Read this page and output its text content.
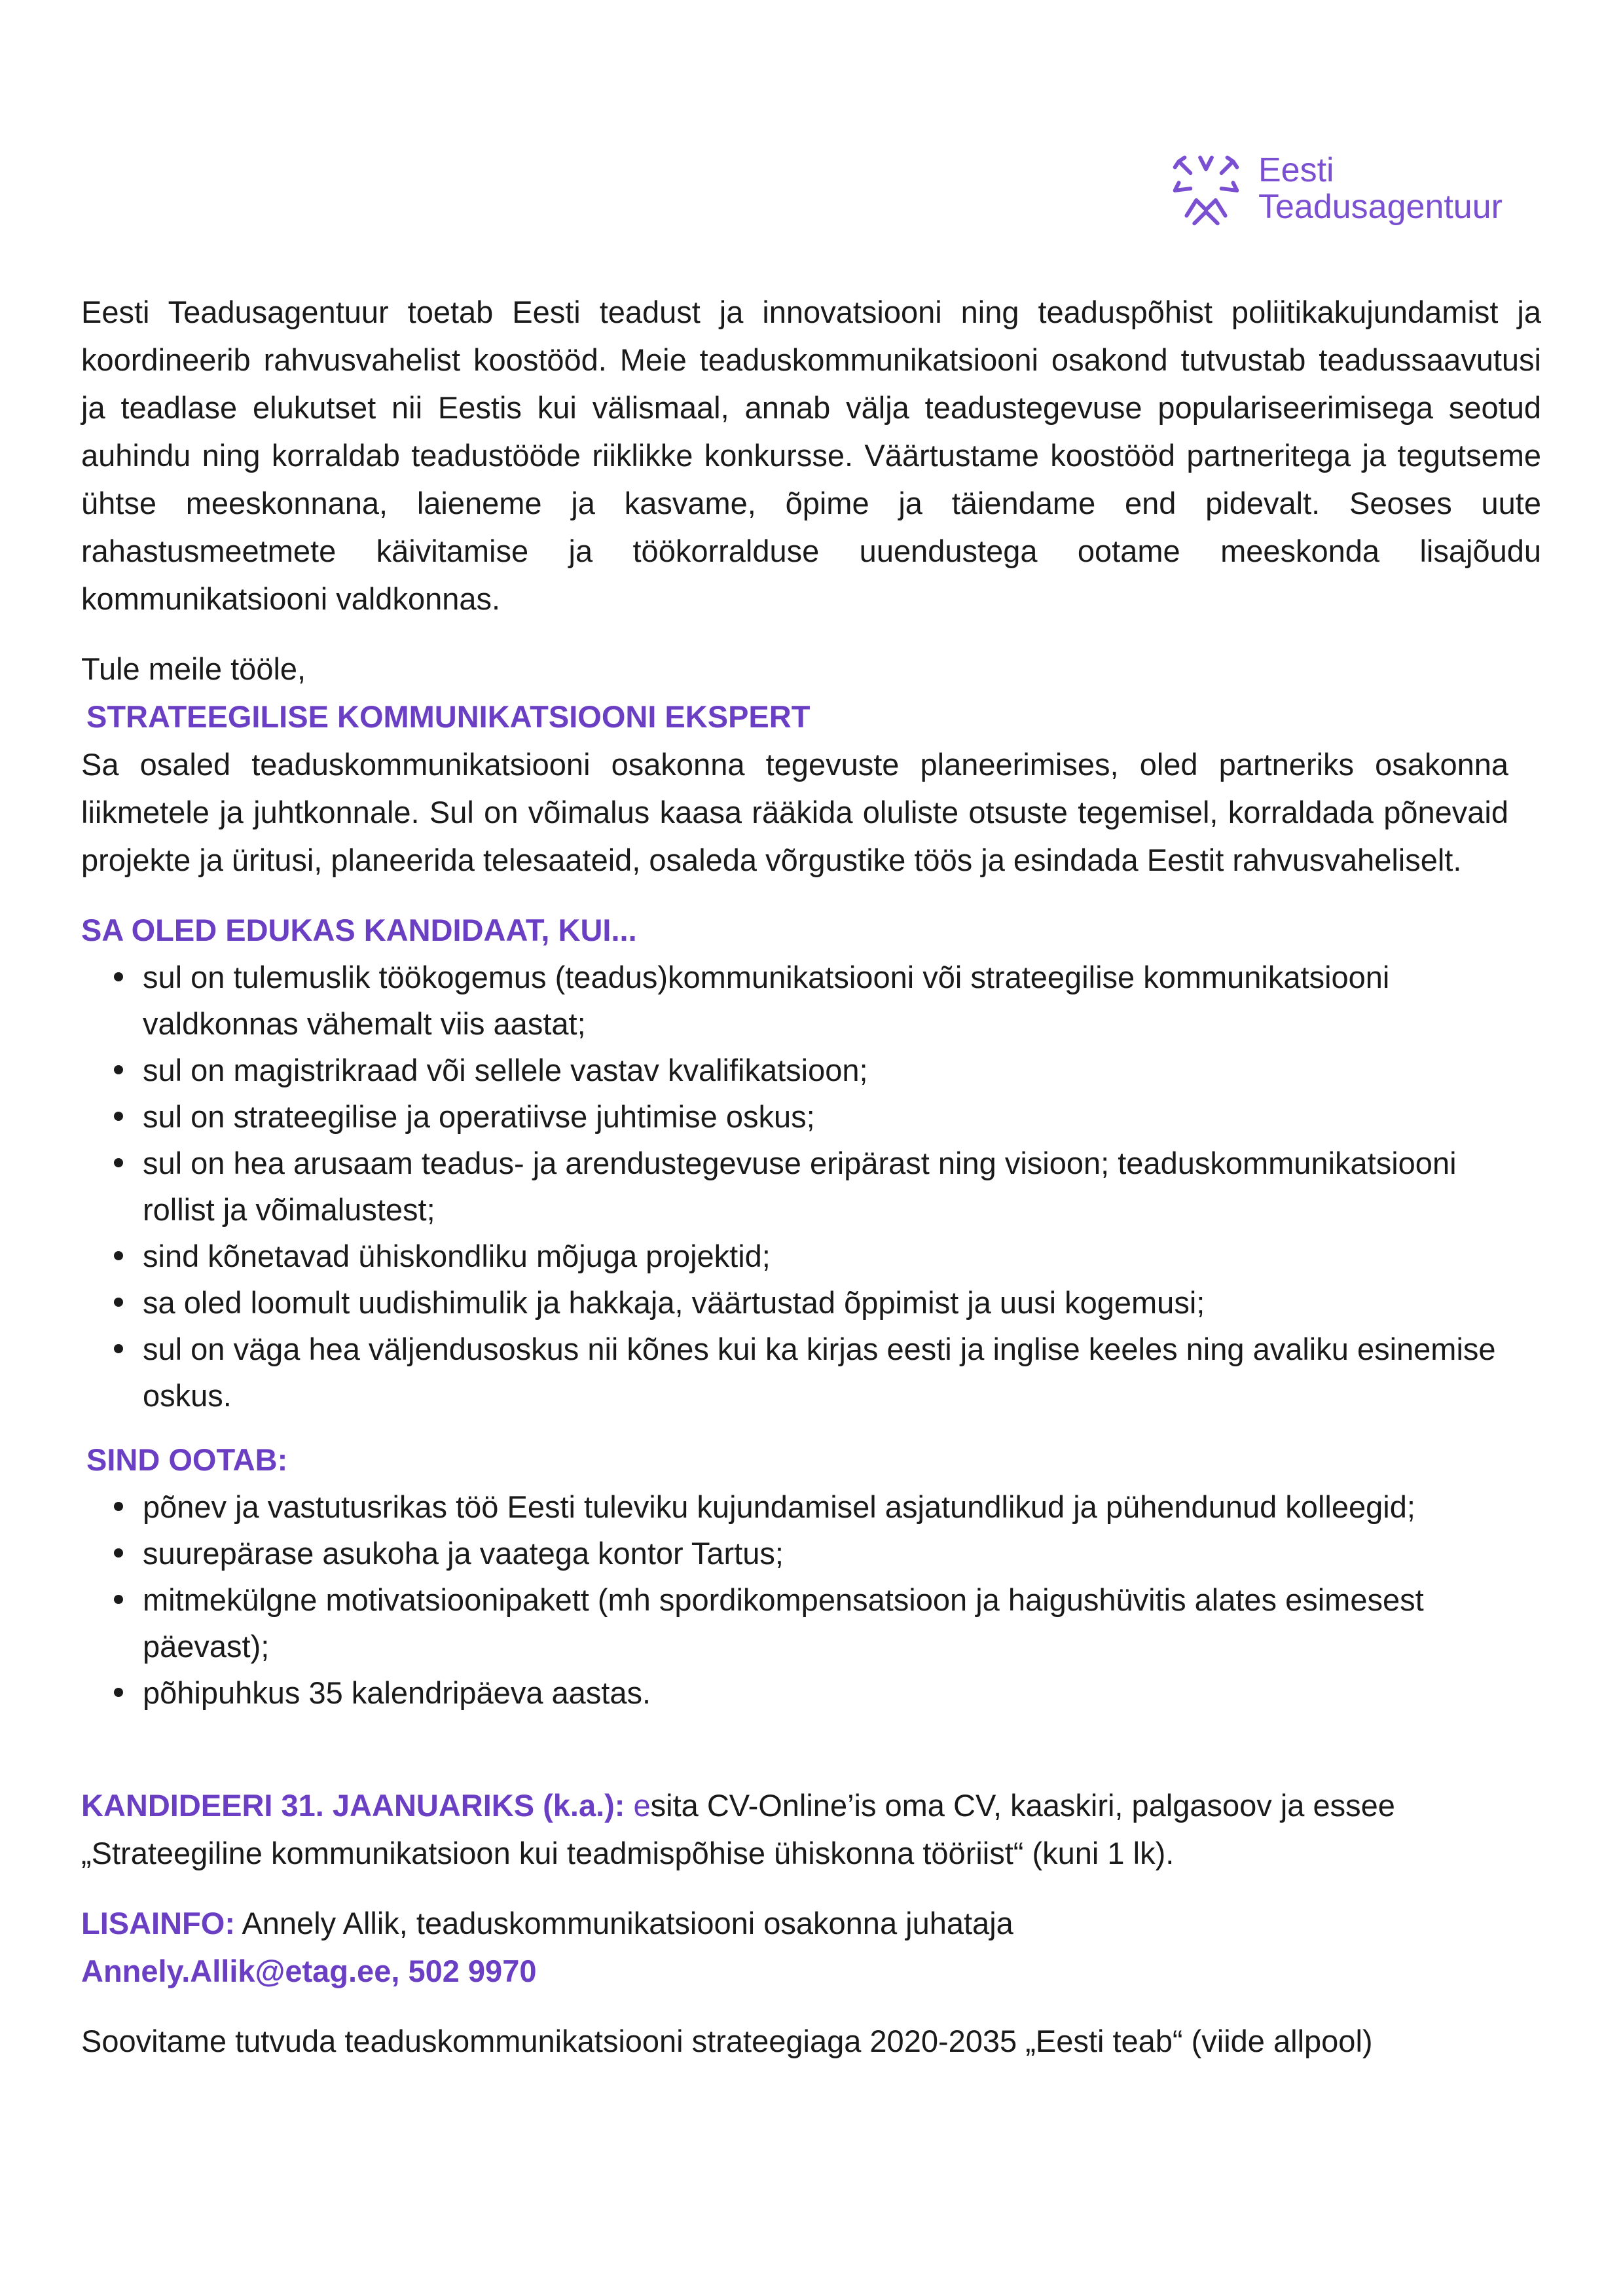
Eesti
Teadusagentuur

Eesti Teadusagentuur toetab Eesti teadust ja innovatsiooni ning teaduspõhist poliitikakujundamist ja koordineerib rahvusvahelist koostööd. Meie teaduskommunikatsiooni osakond tutvustab teadussaavutusi ja teadlase elukutset nii Eestis kui välismaal, annab välja teadustegevuse populariseerimisega seotud auhindu ning korraldab teadustööde riiklikke konkursse. Väärtustame koostööd partneritega ja tegutseme ühtse meeskonnana, laieneme ja kasvame, õpime ja täiendame end pidevalt. Seoses uute rahastusmeetmete käivitamise ja töökorralduse uuendustega ootame meeskonda lisajõudu kommunikatsiooni valdkonnas.

Tule meile tööle,

STRATEEGILISE KOMMUNIKATSIOONI EKSPERT

Sa osaled teaduskommunikatsiooni osakonna tegevuste planeerimises, oled partneriks osakonna liikmetele ja juhtkonnale. Sul on võimalus kaasa rääkida oluliste otsuste tegemisel, korraldada põnevaid projekte ja üritusi, planeerida telesaateid, osaleda võrgustike töös ja esindada Eestit rahvusvaheliselt.

SA OLED EDUKAS KANDIDAAT, KUI...

sul on tulemuslik töökogemus (teadus)kommunikatsiooni või strateegilise kommunikatsiooni valdkonnas vähemalt viis aastat;
sul on magistrikraad või sellele vastav kvalifikatsioon;
sul on strateegilise ja operatiivse juhtimise oskus;
sul on hea arusaam teadus- ja arendustegevuse eripärast ning visioon; teaduskommunikatsiooni rollist ja võimalustest;
sind kõnetavad ühiskondliku mõjuga projektid;
sa oled loomult uudishimulik ja hakkaja, väärtustad õppimist ja uusi kogemusi;
sul on väga hea väljendusoskus nii kõnes kui ka kirjas eesti ja inglise keeles ning avaliku esinemise oskus.

SIND OOTAB:

põnev ja vastutusrikas töö Eesti tuleviku kujundamisel asjatundlikud ja pühendunud kolleegid;
suurepärase asukoha ja vaatega kontor Tartus;
mitmekülgne motivatsioonipakett (mh spordikompensatsioon ja haigushüvitis alates esimesest päevast);
põhipuhkus 35 kalendripäeva aastas.

KANDIDEERI 31. JAANUARIKS (k.a.): esita CV-Online’is oma CV, kaaskiri, palgasoov ja essee „Strateegiline kommunikatsioon kui teadmispõhise ühiskonna tööriist“ (kuni 1 lk).

LISAINFO: Annely Allik, teaduskommunikatsiooni osakonna juhataja

Annely.Allik@etag.ee, 502 9970

Soovitame tutvuda teaduskommunikatsiooni strateegiaga 2020-2035 „Eesti teab“ (viide allpool)
